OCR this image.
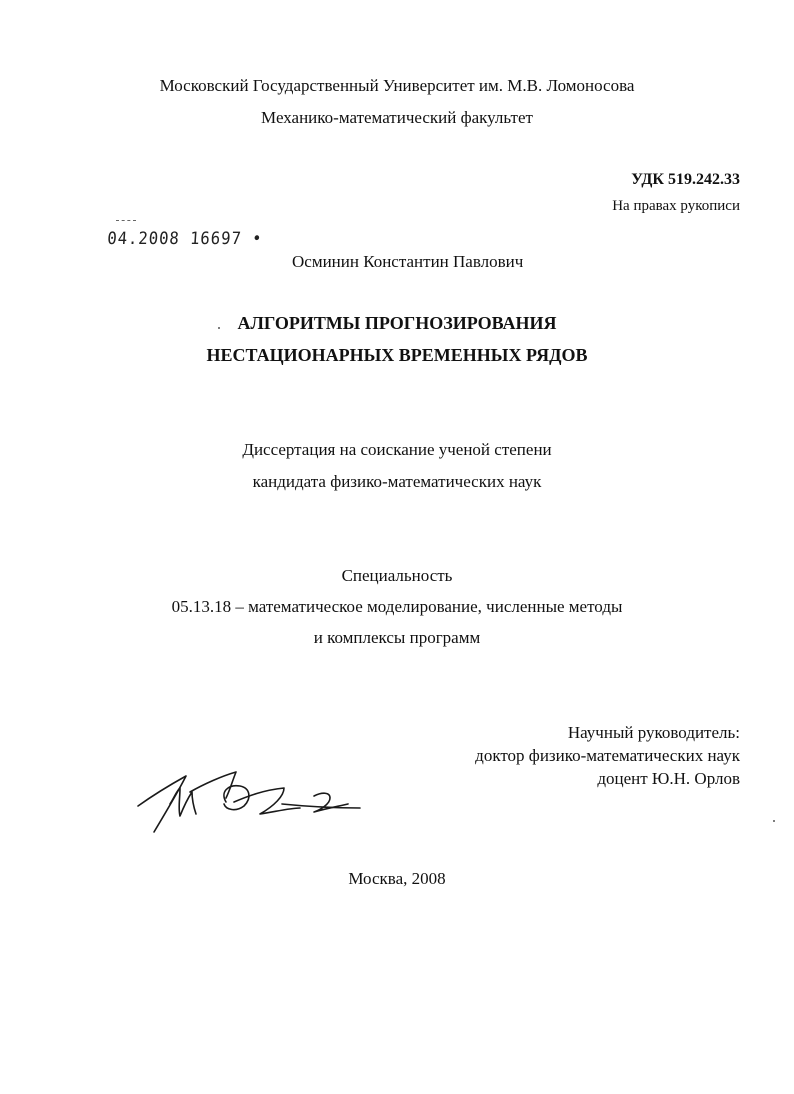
Московский Государственный Университет им. М.В. Ломоносова
Механико-математический факультет
УДК 519.242.33
На правах рукописи
04.2008 16697 •
Осминин Константин Павлович
АЛГОРИТМЫ ПРОГНОЗИРОВАНИЯ
НЕСТАЦИОНАРНЫХ ВРЕМЕННЫХ РЯДОВ
Диссертация на соискание ученой степени
кандидата физико-математических наук
Специальность
05.13.18 – математическое моделирование, численные методы
и комплексы программ
Научный руководитель:
доктор физико-математических наук
доцент Ю.Н. Орлов
Москва, 2008
